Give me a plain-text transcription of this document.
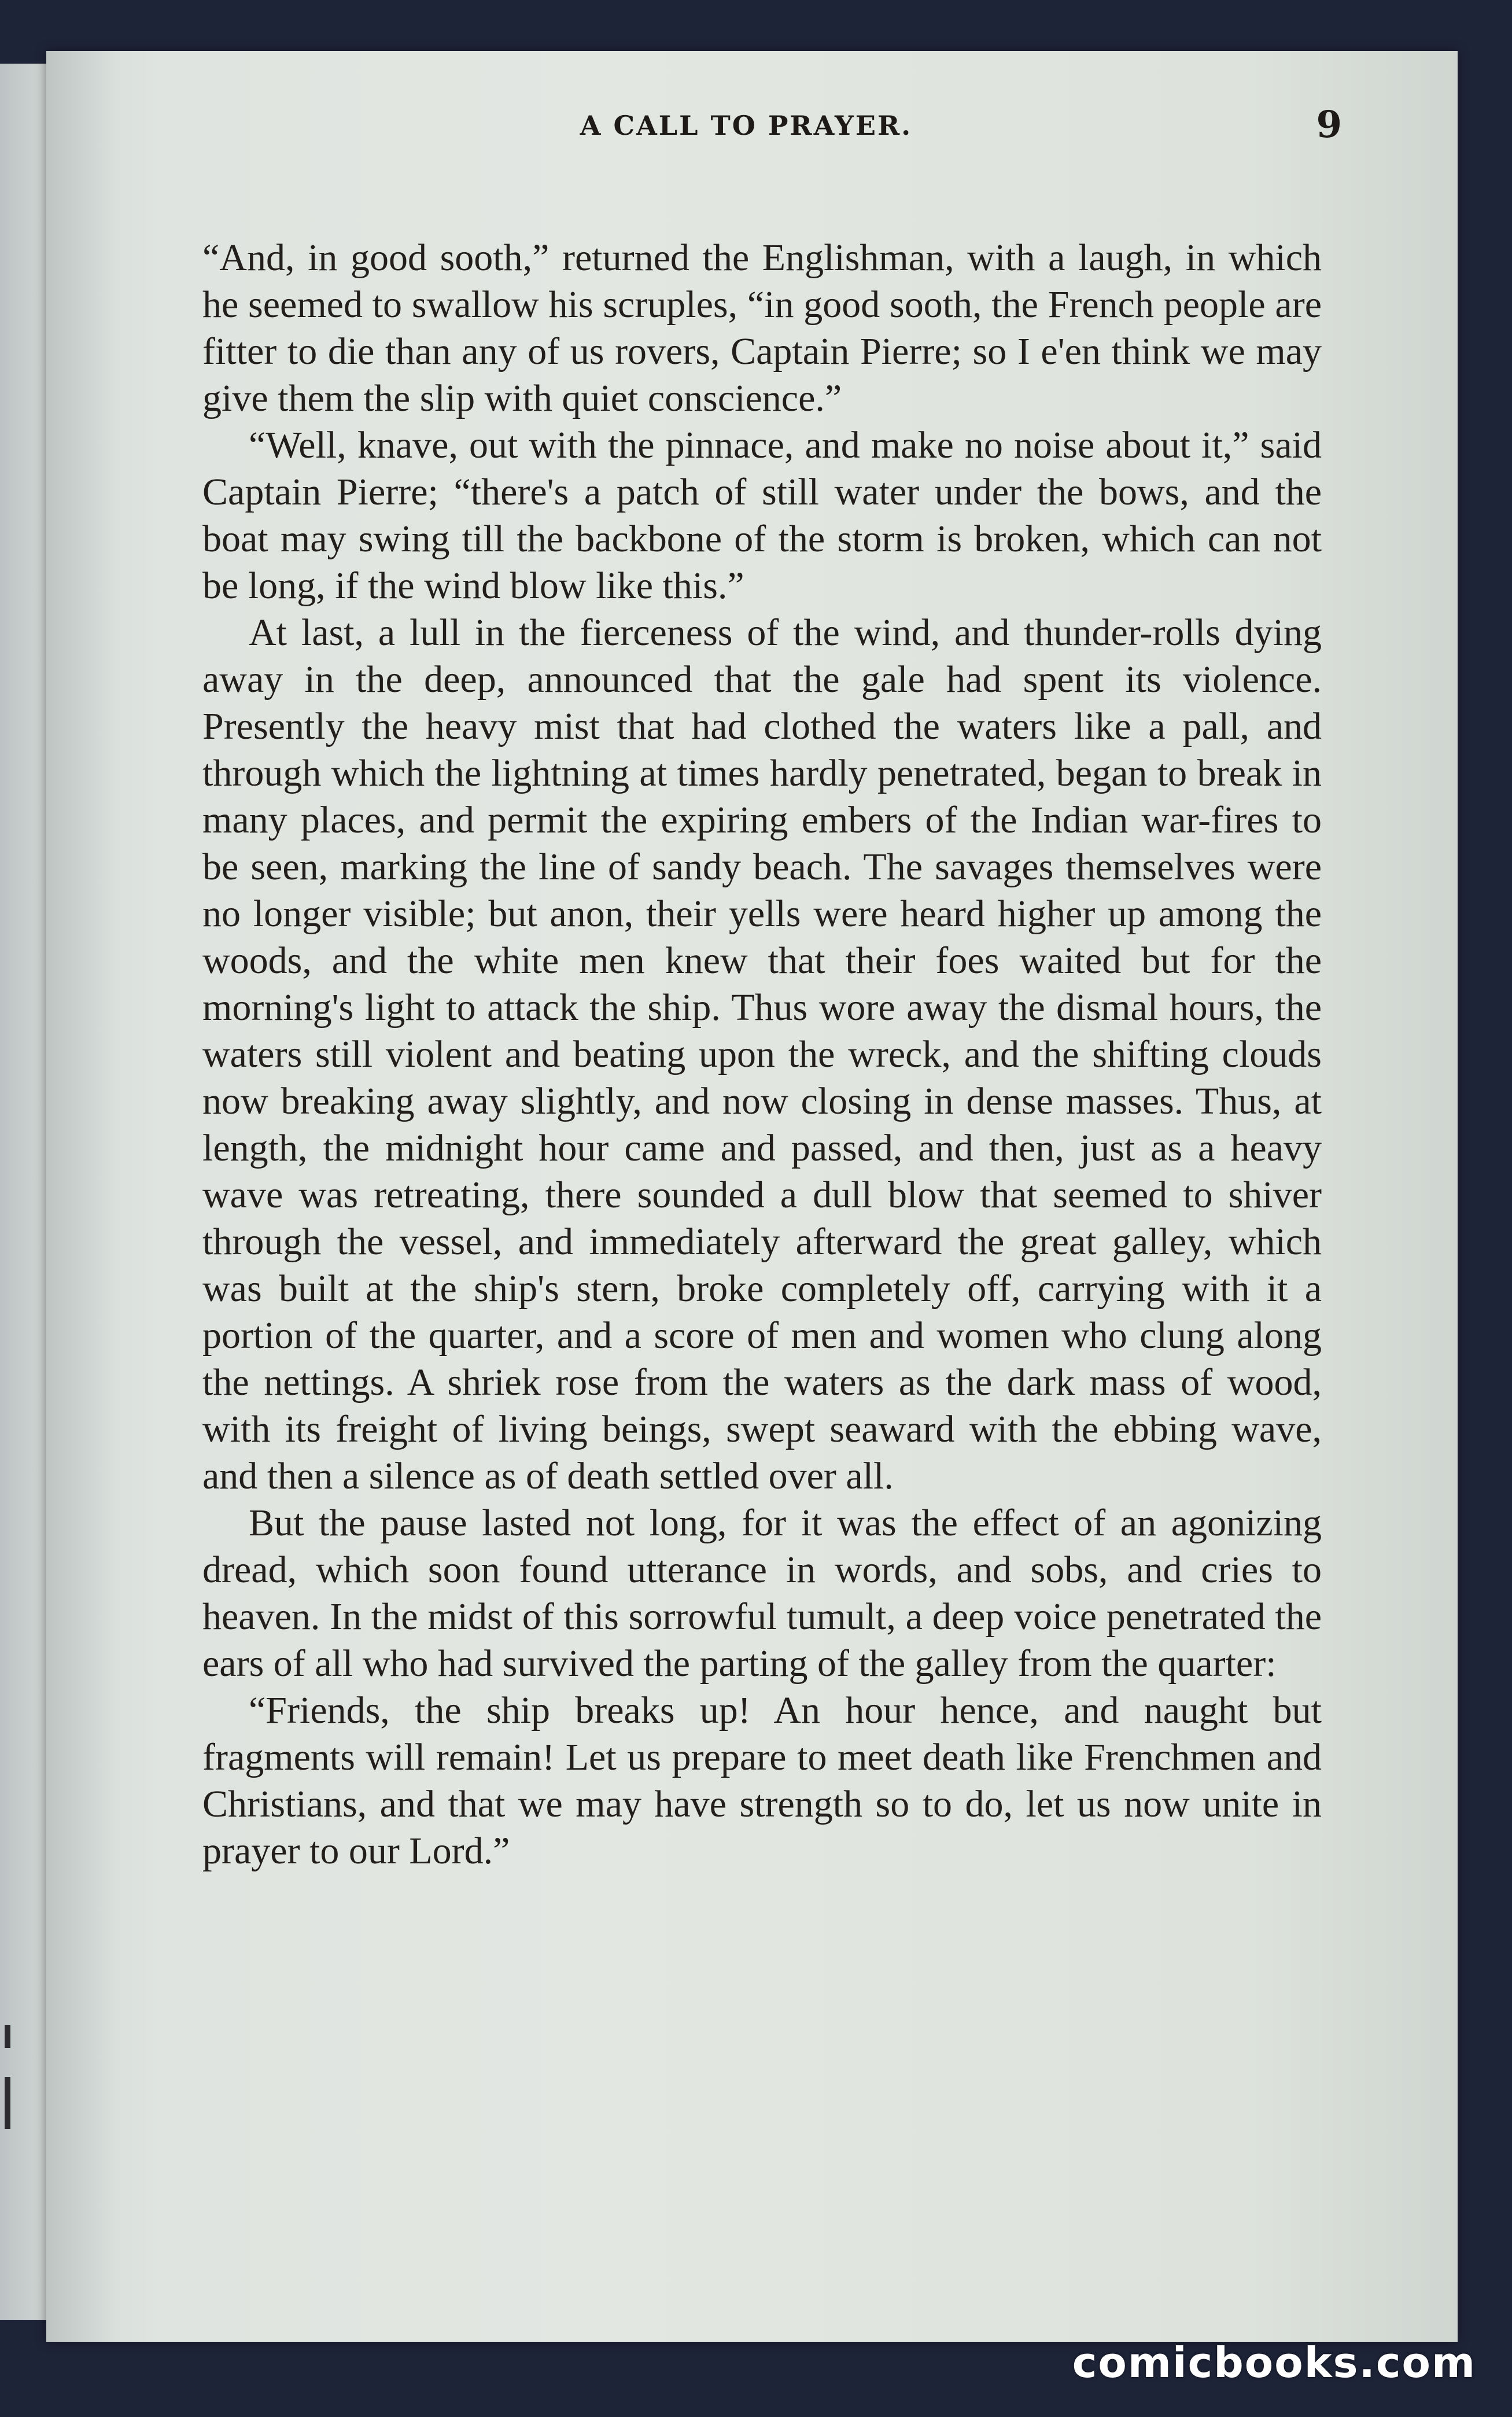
A CALL TO PRAYER.	9

“And, in good sooth,” returned the Englishman, with a laugh, in which he seemed to swallow his scruples, “in good sooth, the French people are fitter to die than any of us rovers, Captain Pierre; so I e'en think we may give them the slip with quiet conscience.”

“Well, knave, out with the pinnace, and make no noise about it,” said Captain Pierre; “there's a patch of still water under the bows, and the boat may swing till the backbone of the storm is broken, which can not be long, if the wind blow like this.”

At last, a lull in the fierceness of the wind, and thunder-rolls dying away in the deep, announced that the gale had spent its violence. Presently the heavy mist that had clothed the waters like a pall, and through which the lightning at times hardly penetrated, began to break in many places, and permit the expiring embers of the Indian war-fires to be seen, marking the line of sandy beach. The savages themselves were no longer visible; but anon, their yells were heard higher up among the woods, and the white men knew that their foes waited but for the morning's light to attack the ship. Thus wore away the dismal hours, the waters still violent and beating upon the wreck, and the shifting clouds now breaking away slightly, and now closing in dense masses. Thus, at length, the midnight hour came and passed, and then, just as a heavy wave was retreating, there sounded a dull blow that seemed to shiver through the vessel, and immediately afterward the great galley, which was built at the ship's stern, broke completely off, carrying with it a portion of the quarter, and a score of men and women who clung along the nettings. A shriek rose from the waters as the dark mass of wood, with its freight of living beings, swept seaward with the ebbing wave, and then a silence as of death settled over all.

But the pause lasted not long, for it was the effect of an agonizing dread, which soon found utterance in words, and sobs, and cries to heaven. In the midst of this sorrowful tumult, a deep voice penetrated the ears of all who had survived the parting of the galley from the quarter:

“Friends, the ship breaks up! An hour hence, and naught but fragments will remain! Let us prepare to meet death like Frenchmen and Christians, and that we may have strength so to do, let us now unite in prayer to our Lord.”

comicbooks.com
